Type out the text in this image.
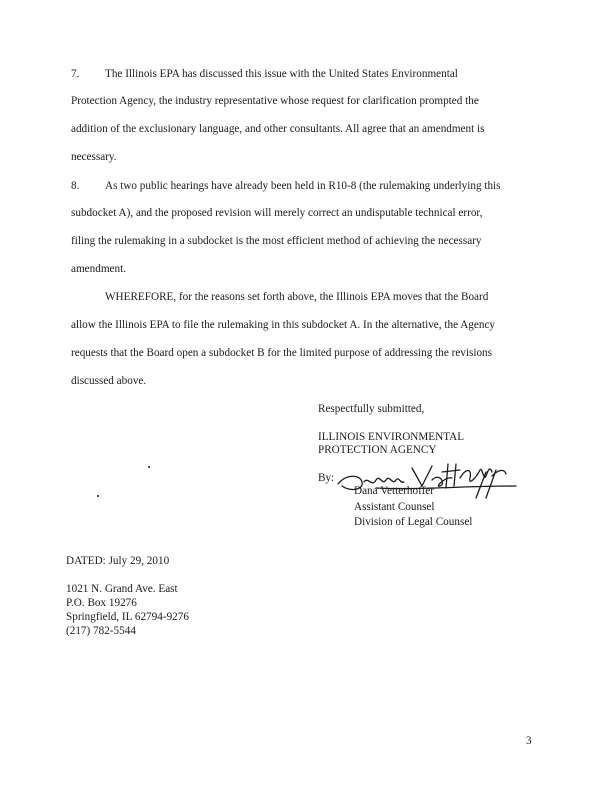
7. The Illinois EPA has discussed this issue with the United States Environmental
Protection Agency, the industry representative whose request for clarification prompted the
addition of the exclusionary language, and other consultants. All agree that an amendment is
necessary.
8. As two public hearings have already been held in R10-8 (the rulemaking underlying this
subdocket A), and the proposed revision will merely correct an undisputable technical error,
filing the rulemaking in a subdocket is the most efficient method of achieving the necessary
amendment.
WHEREFORE, for the reasons set forth above, the Illinois EPA moves that the Board
allow the Illinois EPA to file the rulemaking in this subdocket A. In the alternative, the Agency
requests that the Board open a subdocket B for the limited purpose of addressing the revisions
discussed above.
Respectfully submitted,
ILLINOIS ENVIRONMENTAL
PROTECTION AGENCY
By:
Dana Vetterhoffer
Assistant Counsel
Division of Legal Counsel
DATED: July 29, 2010
1021 N. Grand Ave. East
P.O. Box 19276
Springfield, IL 62794-9276
(217) 782-5544
3
